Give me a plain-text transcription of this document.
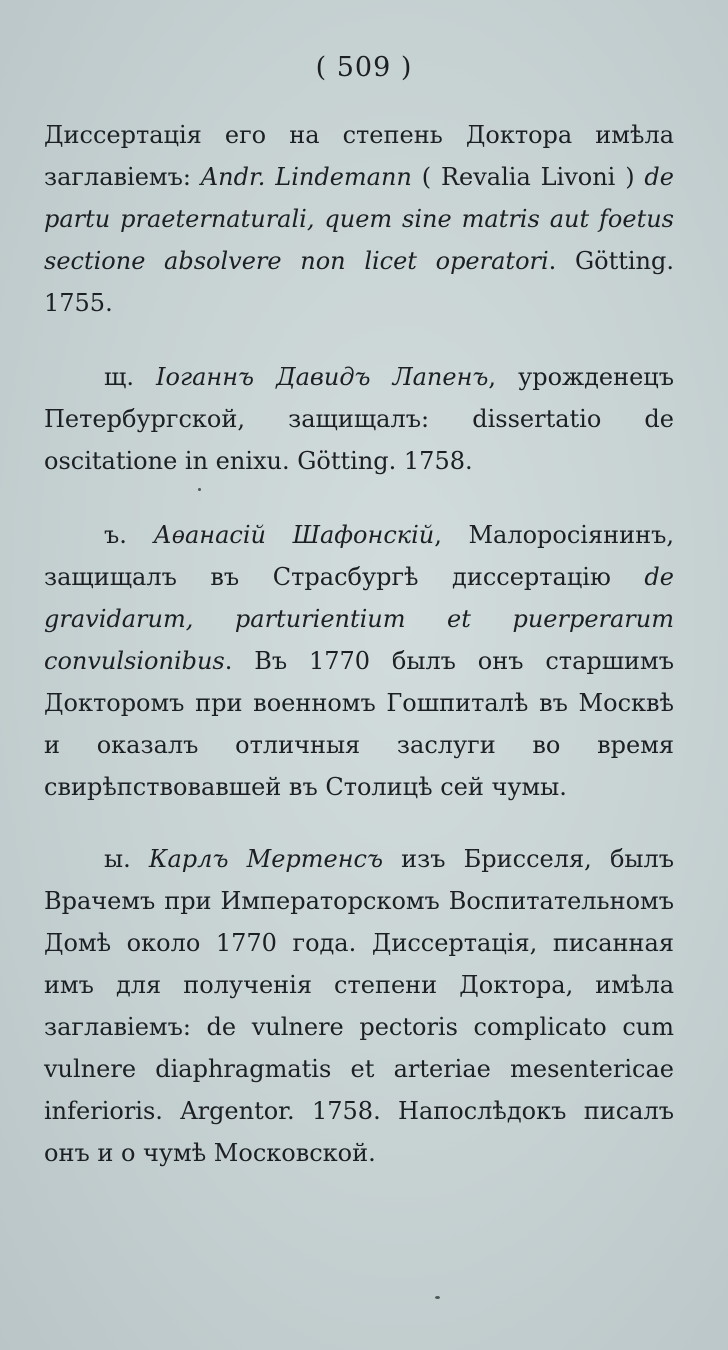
( 509 )

Диссертація его на степень Доктора имѣла заглавіемъ: Andr. Lindemann ( Revalia Livoni ) de partu praeternaturali, quem sine matris aut foetus sectione absolvere non licet operatori. Götting. 1755.

щ. Іоганнъ Давидъ Лапенъ, урожденецъ Петербургской, защищалъ: dissertatio de oscitatione in enixu. Götting. 1758.

ъ. Аѳанасій Шафонскій, Малоросіянинъ, защищалъ въ Страсбургѣ диссертацію de gravidarum, parturientium et puerperarum convulsionibus. Въ 1770 былъ онъ старшимъ Докторомъ при военномъ Гошпиталѣ въ Москвѣ и оказалъ отличныя заслуги во время свирѣпствовавшей въ Столицѣ сей чумы.

ы. Карлъ Мертенсъ изъ Брисселя, былъ Врачемъ при Императорскомъ Воспитательномъ Домѣ около 1770 года. Диссертація, писанная имъ для полученія степени Доктора, имѣла заглавіемъ: de vulnere pectoris complicato cum vulnere diaphragmatis et arteriae mesentericae inferioris. Argentor. 1758. Напослѣдокъ писалъ онъ и о чумѣ Московской.
